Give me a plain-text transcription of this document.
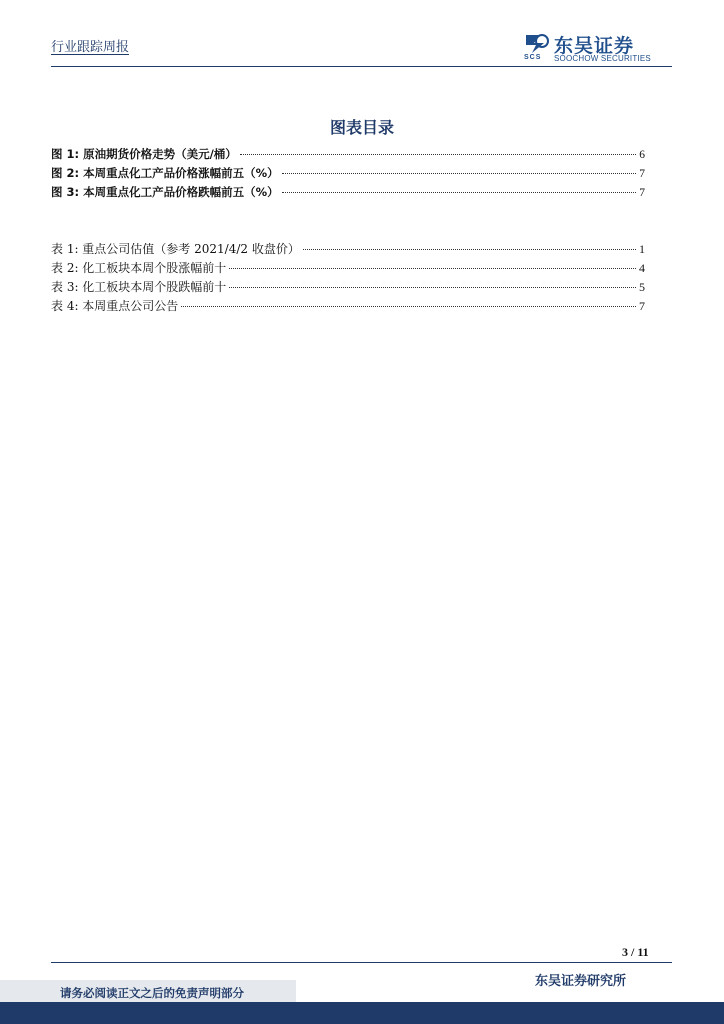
行业跟踪周报	东吴证券
SCS SOOCHOW SECURITIES
图表目录
图 1: 原油期货价格走势（美元/桶）	6
图 2: 本周重点化工产品价格涨幅前五（%）	7
图 3: 本周重点化工产品价格跌幅前五（%）	7
表 1: 重点公司估值（参考 2021/4/2 收盘价）	1
表 2: 化工板块本周个股涨幅前十	4
表 3: 化工板块本周个股跌幅前十	5
表 4: 本周重点公司公告	7
3 / 11
东吴证券研究所
请务必阅读正文之后的免责声明部分
